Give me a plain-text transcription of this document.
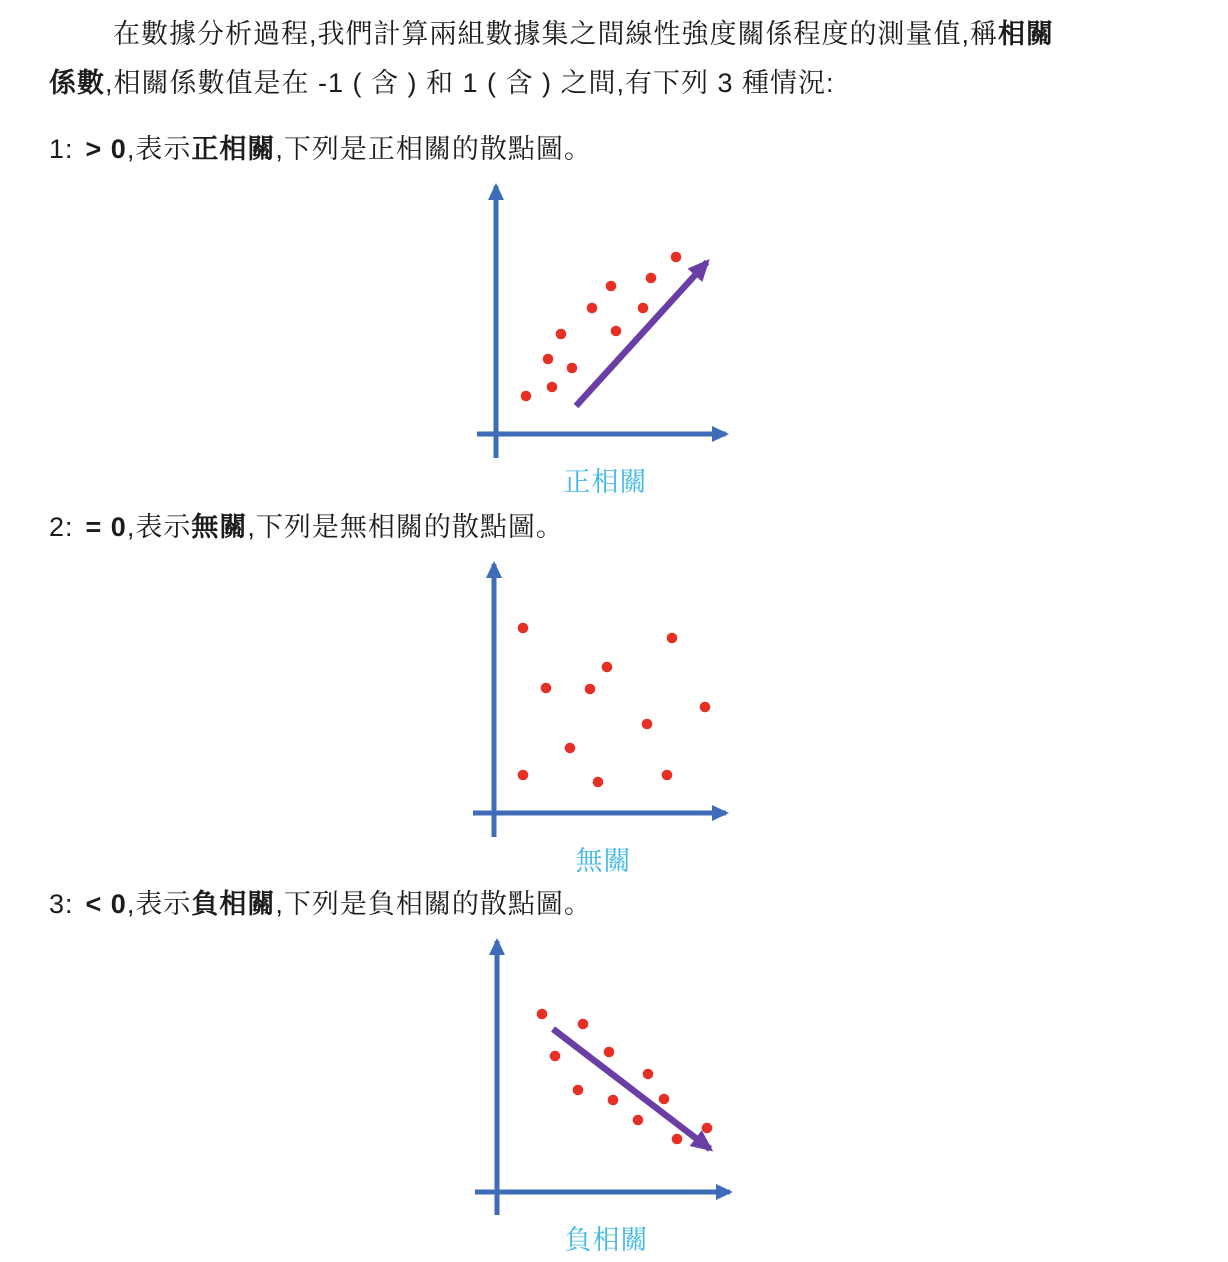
在數據分析過程,我們計算兩組數據集之間線性強度關係程度的測量值,稱相關
係數,相關係數值是在 -1 ( 含 ) 和 1 ( 含 ) 之間,有下列 3 種情況:
1: > 0,表示正相關,下列是正相關的散點圖。
2: = 0,表示無關,下列是無相關的散點圖。
3: < 0,表示負相關,下列是負相關的散點圖。
正相關
無關
負相關
